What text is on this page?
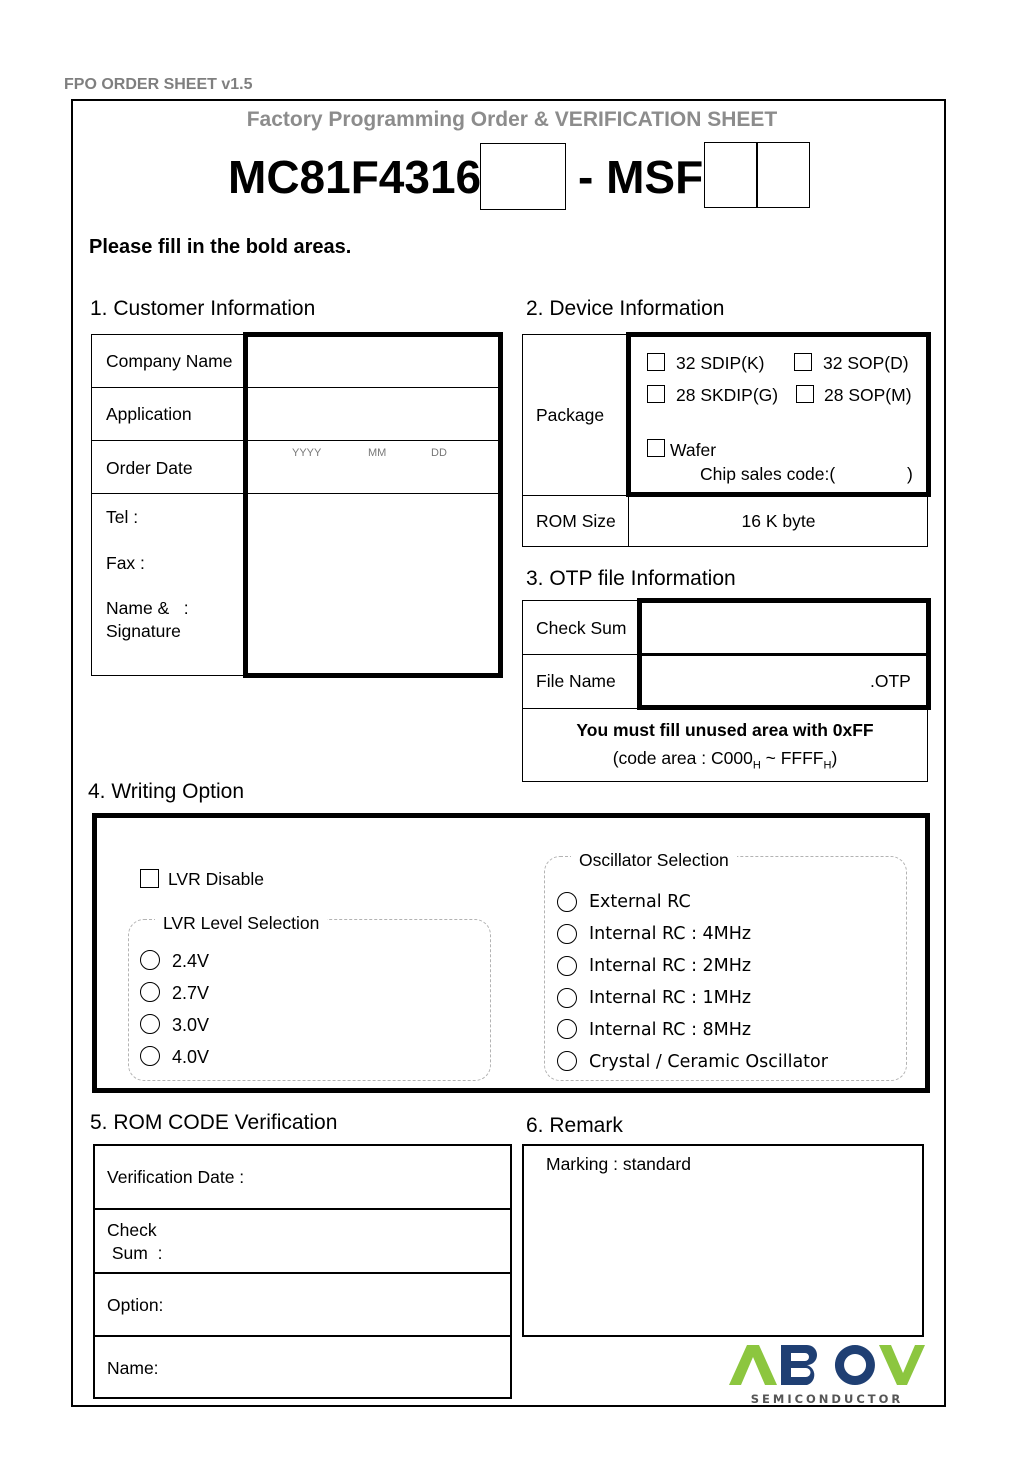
FPO ORDER SHEET v1.5
Factory Programming Order & VERIFICATION SHEET
MC81F4316 - MSF
Please fill in the bold areas.
1. Customer Information
Company Name
Application
Order Date
YYYY	MM	DD
Tel :
Fax :
Name &   :
Signature
2. Device Information
Package
32 SDIP(K)	32 SOP(D)
28 SKDIP(G)	28 SOP(M)
Wafer
Chip sales code:(	)
ROM Size	16 K byte
3. OTP file Information
Check Sum
File Name	.OTP
You must fill unused area with 0xFF
(code area : $C000_H$ ~ $FFFF_H$)
4. Writing Option
LVR Disable
LVR Level Selection
2.4V
2.7V
3.0V
4.0V
Oscillator Selection
External RC
Internal RC : 4MHz
Internal RC : 2MHz
Internal RC : 1MHz
Internal RC : 8MHz
Crystal / Ceramic Oscillator
5. ROM CODE Verification
Verification Date :
Check
Sum  :
Option:
Name:
6. Remark
Marking : standard
SEMICONDUCTOR
